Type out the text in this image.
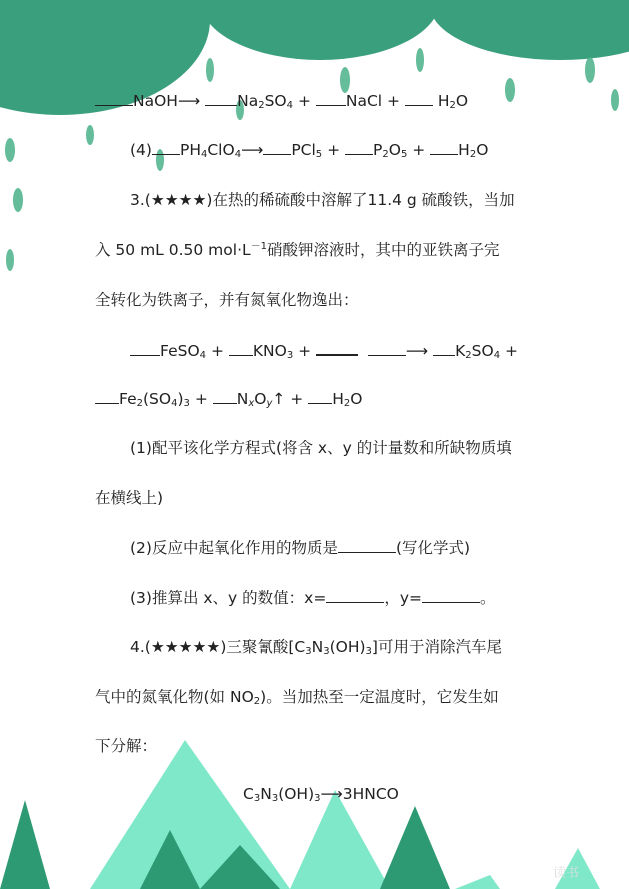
NaOH⟶ $Na_2SO_4$ + NaCl +  $H_2O$
(4) $PH_4ClO_4⟶$ $PCl_5 + P_2O_5 + H_2O$
3.(★★★★)在热的稀硫酸中溶解了11.4 g 硫酸铁，当加
入 50 mL 0.50 $mol\cdot L^{-1}$硝酸钾溶液时，其中的亚铁离子完
全转化为铁离子，并有氮氧化物逸出：
FeSO$_4$ + $KNO_3$ +	⟶ $K_2SO_4$ +
$Fe_2(SO_4)_3$ + $N_xO_y↑ + H_2O$
(1)配平该化学方程式(将含 x、y 的计量数和所缺物质填
在横线上)
(2)反应中起氧化作用的物质是	(写化学式)
(3)推算出 x、y 的数值：x=	，y=	。
4.(★★★★★)三聚氰酸$[C_3N_3(OH)_3]$可用于消除汽车尾
气中的氮氧化物(如 $NO_2$)。当加热至一定温度时，它发生如
下分解：
$C_3N_3(OH)_3⟶3HNCO$
读书
